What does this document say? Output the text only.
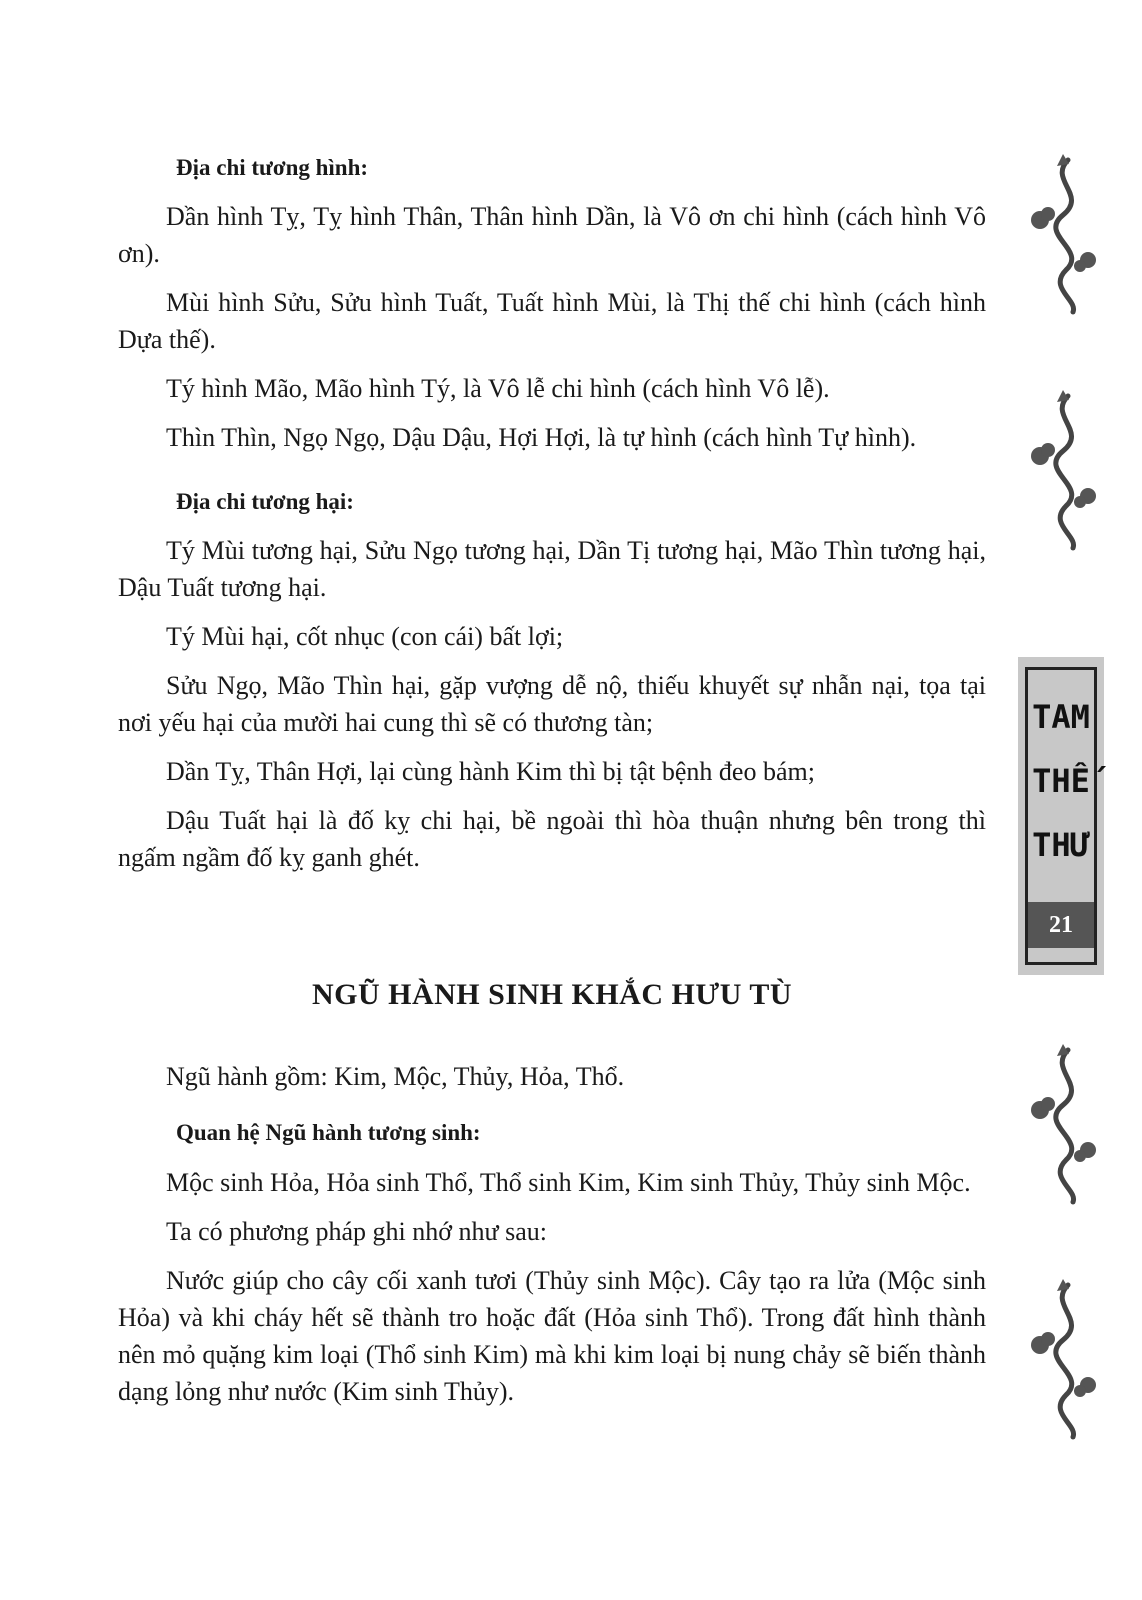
Địa chi tương hình:

Dần hình Tỵ, Tỵ hình Thân, Thân hình Dần, là Vô ơn chi hình (cách hình Vô ơn).

Mùi hình Sửu, Sửu hình Tuất, Tuất hình Mùi, là Thị thế chi hình (cách hình Dựa thế).

Tý hình Mão, Mão hình Tý, là Vô lễ chi hình (cách hình Vô lễ).

Thìn Thìn, Ngọ Ngọ, Dậu Dậu, Hợi Hợi, là tự hình (cách hình Tự hình).

Địa chi tương hại:

Tý Mùi tương hại, Sửu Ngọ tương hại, Dần Tị tương hại, Mão Thìn tương hại, Dậu Tuất tương hại.

Tý Mùi hại, cốt nhục (con cái) bất lợi;

Sửu Ngọ, Mão Thìn hại, gặp vượng dễ nộ, thiếu khuyết sự nhẫn nại, tọa tại nơi yếu hại của mười hai cung thì sẽ có thương tàn;

Dần Tỵ, Thân Hợi, lại cùng hành Kim thì bị tật bệnh đeo bám;

Dậu Tuất hại là đố kỵ chi hại, bề ngoài thì hòa thuận nhưng bên trong thì ngấm ngầm đố kỵ ganh ghét.

NGŨ HÀNH SINH KHẮC HƯU TÙ

Ngũ hành gồm: Kim, Mộc, Thủy, Hỏa, Thổ.

Quan hệ Ngũ hành tương sinh:

Mộc sinh Hỏa, Hỏa sinh Thổ, Thổ sinh Kim, Kim sinh Thủy, Thủy sinh Mộc.

Ta có phương pháp ghi nhớ như sau:

Nước giúp cho cây cối xanh tươi (Thủy sinh Mộc). Cây tạo ra lửa (Mộc sinh Hỏa) và khi cháy hết sẽ thành tro hoặc đất (Hỏa sinh Thổ). Trong đất hình thành nên mỏ quặng kim loại (Thổ sinh Kim) mà khi kim loại bị nung chảy sẽ biến thành dạng lỏng như nước (Kim sinh Thủy).

TAM
THẾ
THƯ
21
